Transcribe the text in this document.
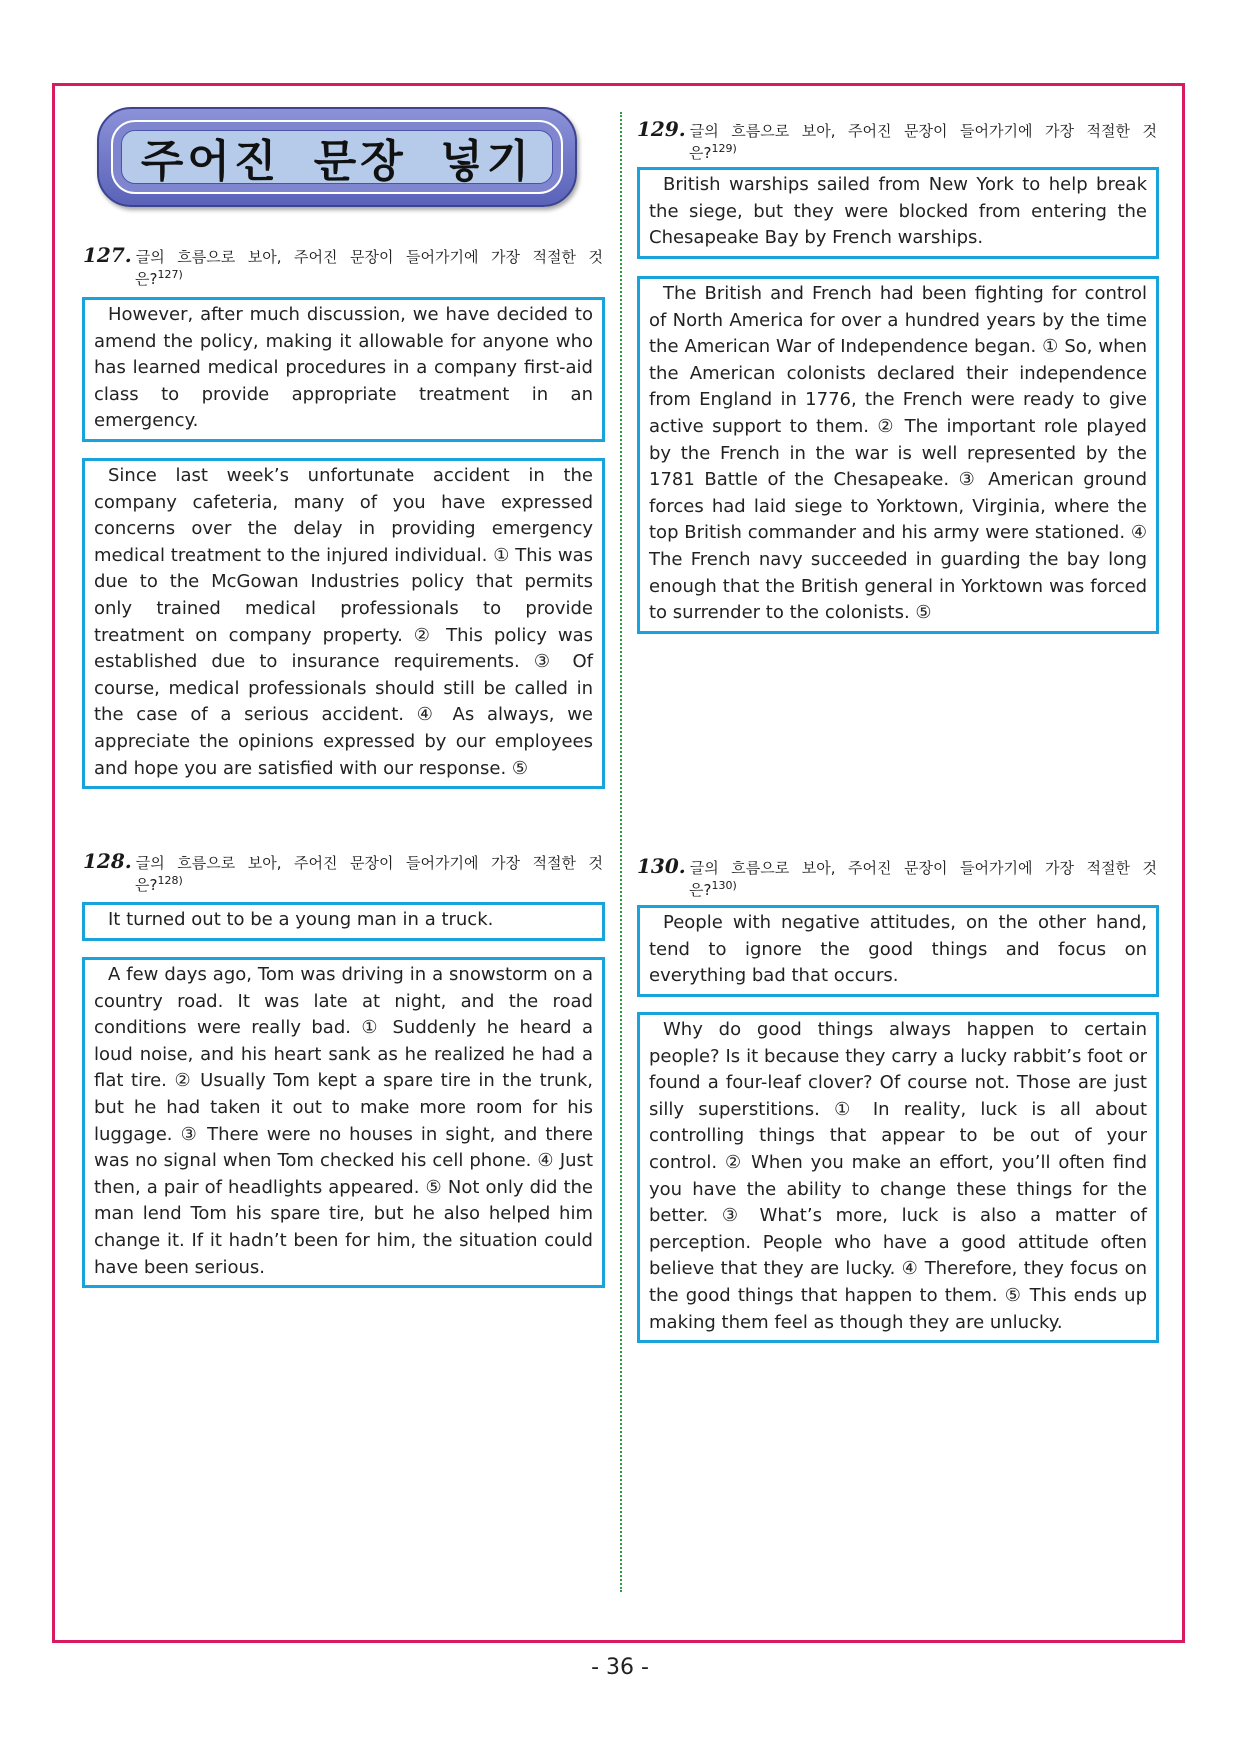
주어진 문장 넣기
127. 글의 흐름으로 보아, 주어진 문장이 들어가기에 가장 적절한 것
은?$^{127)}$

However, after much discussion, we have decided to amend the policy, making it allowable for anyone who has learned medical procedures in a company first-aid class to provide appropriate treatment in an emergency.

Since last week’s unfortunate accident in the company cafeteria, many of you have expressed concerns over the delay in providing emergency medical treatment to the injured individual. ① This was due to the McGowan Industries policy that permits only trained medical professionals to provide treatment on company property. ② This policy was established due to insurance requirements. ③ Of course, medical professionals should still be called in the case of a serious accident. ④ As always, we appreciate the opinions expressed by our employees and hope you are satisfied with our response. ⑤

128. 글의 흐름으로 보아, 주어진 문장이 들어가기에 가장 적절한 것
은?$^{128)}$

It turned out to be a young man in a truck.

A few days ago, Tom was driving in a snowstorm on a country road. It was late at night, and the road conditions were really bad. ① Suddenly he heard a loud noise, and his heart sank as he realized he had a flat tire. ② Usually Tom kept a spare tire in the trunk, but he had taken it out to make more room for his luggage. ③ There were no houses in sight, and there was no signal when Tom checked his cell phone. ④ Just then, a pair of headlights appeared. ⑤ Not only did the man lend Tom his spare tire, but he also helped him change it. If it hadn’t been for him, the situation could have been serious.

129. 글의 흐름으로 보아, 주어진 문장이 들어가기에 가장 적절한 것
은?$^{129)}$

British warships sailed from New York to help break the siege, but they were blocked from entering the Chesapeake Bay by French warships.

The British and French had been fighting for control of North America for over a hundred years by the time the American War of Independence began. ① So, when the American colonists declared their independence from England in 1776, the French were ready to give active support to them. ② The important role played by the French in the war is well represented by the 1781 Battle of the Chesapeake. ③ American ground forces had laid siege to Yorktown, Virginia, where the top British commander and his army were stationed. ④ The French navy succeeded in guarding the bay long enough that the British general in Yorktown was forced to surrender to the colonists. ⑤

130. 글의 흐름으로 보아, 주어진 문장이 들어가기에 가장 적절한 것
은?$^{130)}$

People with negative attitudes, on the other hand, tend to ignore the good things and focus on everything bad that occurs.

Why do good things always happen to certain people? Is it because they carry a lucky rabbit’s foot or found a four-leaf clover? Of course not. Those are just silly superstitions. ① In reality, luck is all about controlling things that appear to be out of your control. ② When you make an effort, you’ll often find you have the ability to change these things for the better. ③ What’s more, luck is also a matter of perception. People who have a good attitude often believe that they are lucky. ④ Therefore, they focus on the good things that happen to them. ⑤ This ends up making them feel as though they are unlucky.

- 36 -
